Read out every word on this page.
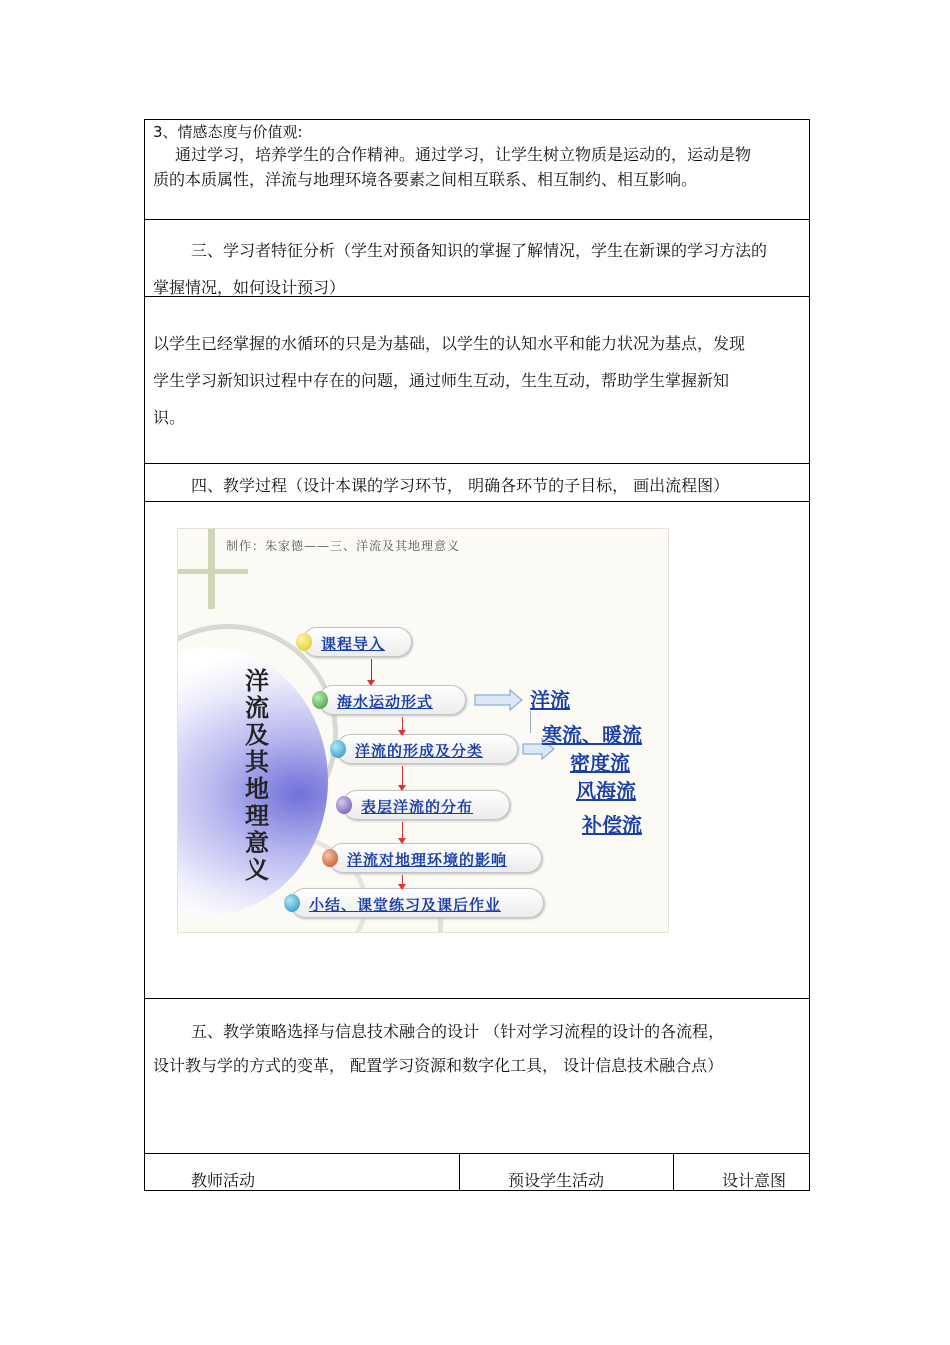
3、情感态度与价值观:
通过学习，培养学生的合作精神。通过学习，让学生树立物质是运动的，运动是物质的本质属性，洋流与地理环境各要素之间相互联系、相互制约、相互影响。

三、学习者特征分析（学生对预备知识的掌握了解情况，学生在新课的学习方法的掌握情况，如何设计预习）

以学生已经掌握的水循环的只是为基础，以学生的认知水平和能力状况为基点，发现学生学习新知识过程中存在的问题，通过师生互动，生生互动，帮助学生掌握新知识。

四、教学过程（设计本课的学习环节， 明确各环节的子目标， 画出流程图）
制作：朱家德——三、洋流及其地理意义
洋流及其地理意义
课程导入
海水运动形式
洋流的形成及分类
表层洋流的分布
洋流对地理环境的影响
小结、课堂练习及课后作业
洋流
寒流、暖流
密度流
风海流
补偿流

五、教学策略选择与信息技术融合的设计 （针对学习流程的设计的各流程，

设计教与学的方式的变革， 配置学习资源和数字化工具， 设计信息技术融合点）

教师活动	预设学生活动	设计意图
